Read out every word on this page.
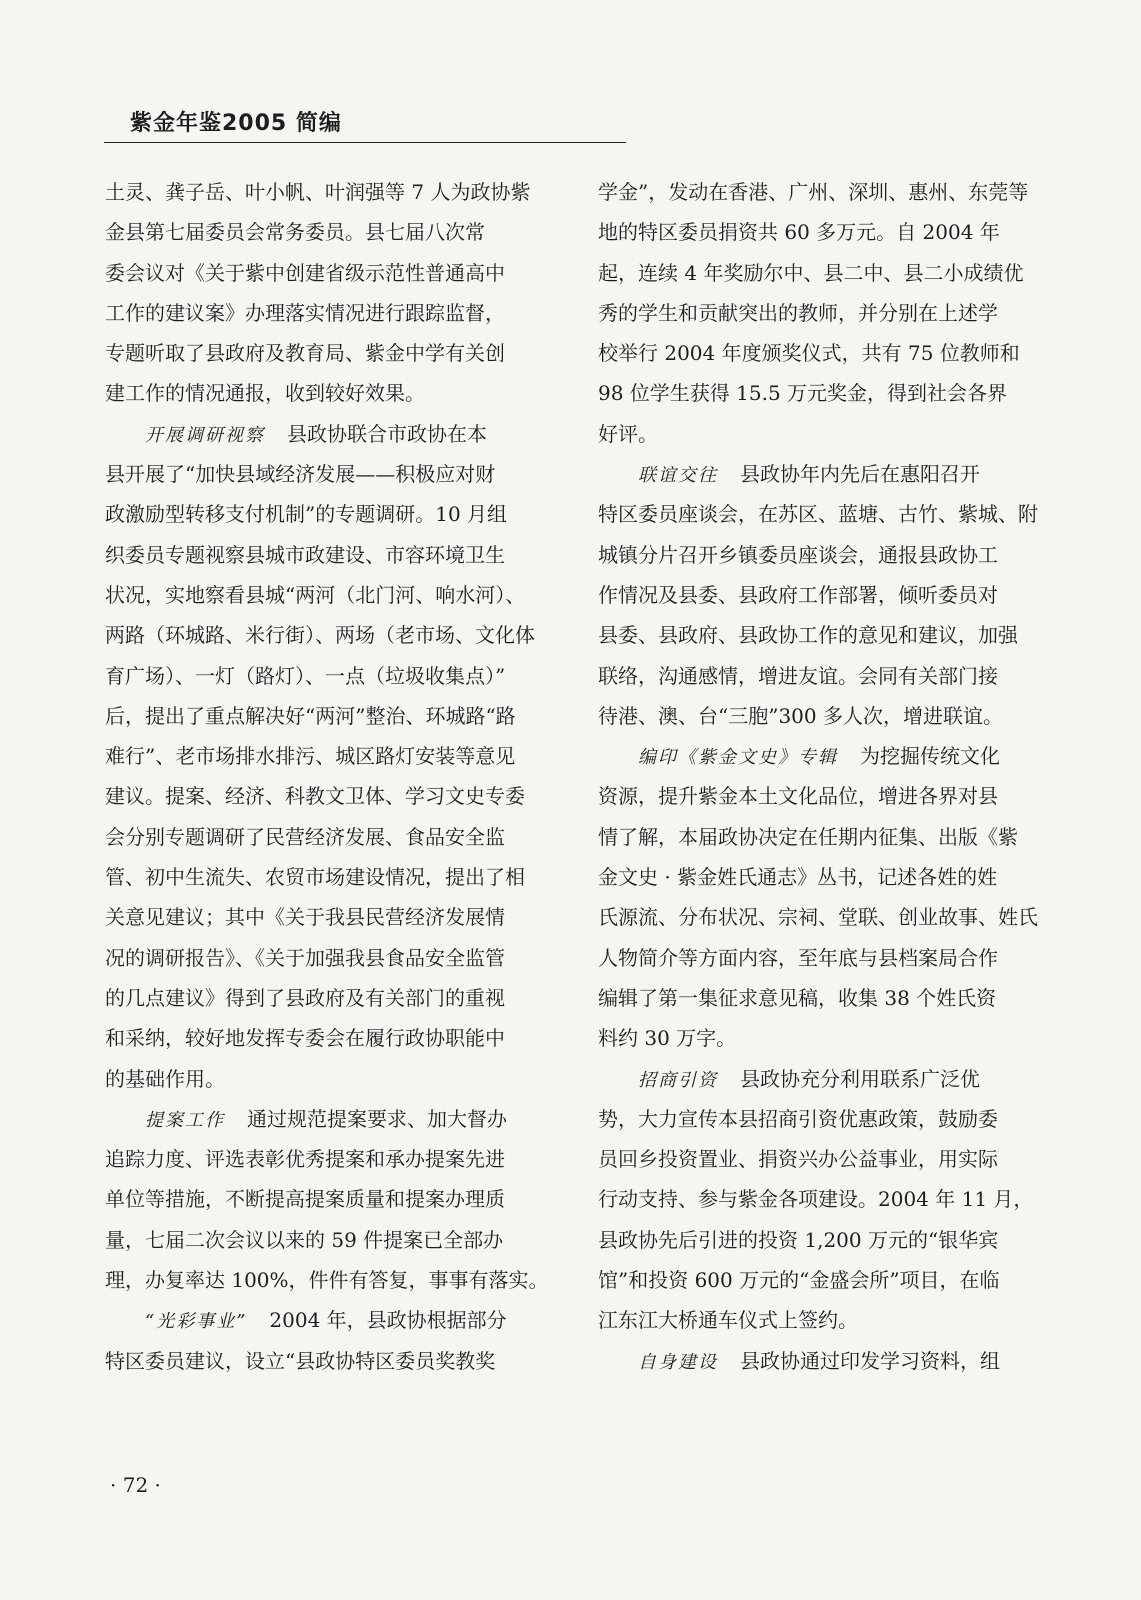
紫金年鉴2005 简编
土灵、龚子岳、叶小帆、叶润强等 7 人为政协紫
金县第七届委员会常务委员。县七届八次常
委会议对《关于紫中创建省级示范性普通高中
工作的建议案》办理落实情况进行跟踪监督，
专题听取了县政府及教育局、紫金中学有关创
建工作的情况通报，收到较好效果。
开展调研视察 县政协联合市政协在本
县开展了“加快县域经济发展——积极应对财
政激励型转移支付机制”的专题调研。10 月组
织委员专题视察县城市政建设、市容环境卫生
状况，实地察看县城“两河（北门河、响水河）、
两路（环城路、米行街）、两场（老市场、文化体
育广场）、一灯（路灯）、一点（垃圾收集点）”
后，提出了重点解决好“两河”整治、环城路“路
难行”、老市场排水排污、城区路灯安装等意见
建议。提案、经济、科教文卫体、学习文史专委
会分别专题调研了民营经济发展、食品安全监
管、初中生流失、农贸市场建设情况，提出了相
关意见建议；其中《关于我县民营经济发展情
况的调研报告》、《关于加强我县食品安全监管
的几点建议》得到了县政府及有关部门的重视
和采纳，较好地发挥专委会在履行政协职能中
的基础作用。
提案工作 通过规范提案要求、加大督办
追踪力度、评选表彰优秀提案和承办提案先进
单位等措施，不断提高提案质量和提案办理质
量，七届二次会议以来的 59 件提案已全部办
理，办复率达 100%，件件有答复，事事有落实。
“光彩事业” 2004 年，县政协根据部分
特区委员建议，设立“县政协特区委员奖教奖
学金”，发动在香港、广州、深圳、惠州、东莞等
地的特区委员捐资共 60 多万元。自 2004 年
起，连续 4 年奖励尔中、县二中、县二小成绩优
秀的学生和贡献突出的教师，并分别在上述学
校举行 2004 年度颁奖仪式，共有 75 位教师和
98 位学生获得 15.5 万元奖金，得到社会各界
好评。
联谊交往 县政协年内先后在惠阳召开
特区委员座谈会，在苏区、蓝塘、古竹、紫城、附
城镇分片召开乡镇委员座谈会，通报县政协工
作情况及县委、县政府工作部署，倾听委员对
县委、县政府、县政协工作的意见和建议，加强
联络，沟通感情，增进友谊。会同有关部门接
待港、澳、台“三胞”300 多人次，增进联谊。
编印《紫金文史》专辑 为挖掘传统文化
资源，提升紫金本土文化品位，增进各界对县
情了解，本届政协决定在任期内征集、出版《紫
金文史 · 紫金姓氏通志》丛书，记述各姓的姓
氏源流、分布状况、宗祠、堂联、创业故事、姓氏
人物简介等方面内容，至年底与县档案局合作
编辑了第一集征求意见稿，收集 38 个姓氏资
料约 30 万字。
招商引资 县政协充分利用联系广泛优
势，大力宣传本县招商引资优惠政策，鼓励委
员回乡投资置业、捐资兴办公益事业，用实际
行动支持、参与紫金各项建设。2004 年 11 月，
县政协先后引进的投资 1,200 万元的“银华宾
馆”和投资 600 万元的“金盛会所”项目，在临
江东江大桥通车仪式上签约。
自身建设 县政协通过印发学习资料，组
· 72 ·
